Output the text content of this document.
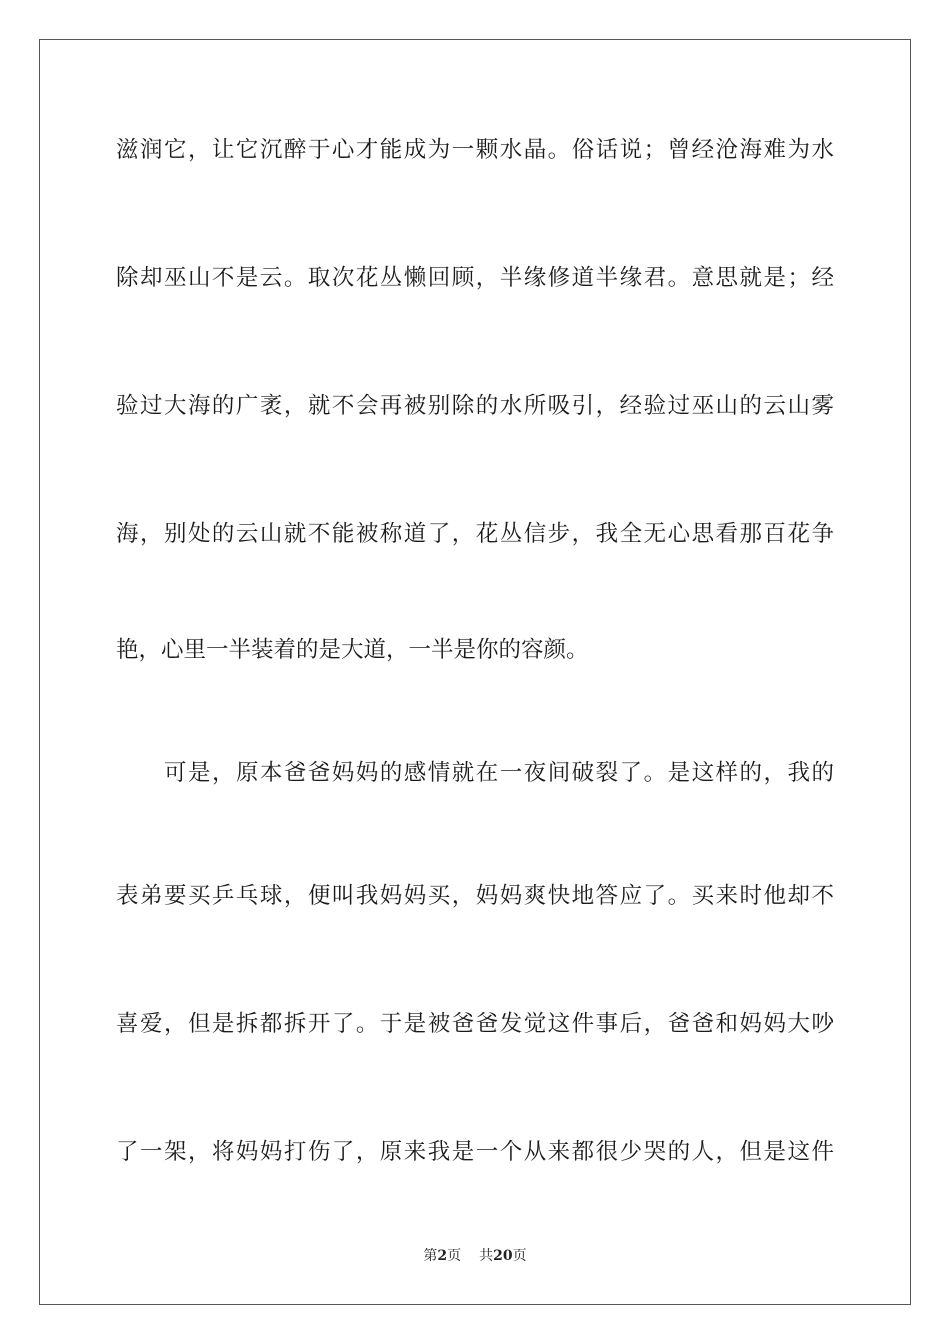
滋润它，让它沉醉于心才能成为一颗水晶。俗话说；曾经沧海难为水
除却巫山不是云。取次花丛懒回顾，半缘修道半缘君。意思就是；经
验过大海的广袤，就不会再被别除的水所吸引，经验过巫山的云山雾
海，别处的云山就不能被称道了，花丛信步，我全无心思看那百花争
艳，心里一半装着的是大道，一半是你的容颜。
可是，原本爸爸妈妈的感情就在一夜间破裂了。是这样的，我的
表弟要买乒乓球，便叫我妈妈买，妈妈爽快地答应了。买来时他却不
喜爱，但是拆都拆开了。于是被爸爸发觉这件事后，爸爸和妈妈大吵
了一架，将妈妈打伤了，原来我是一个从来都很少哭的人，但是这件
第2页 共20页
